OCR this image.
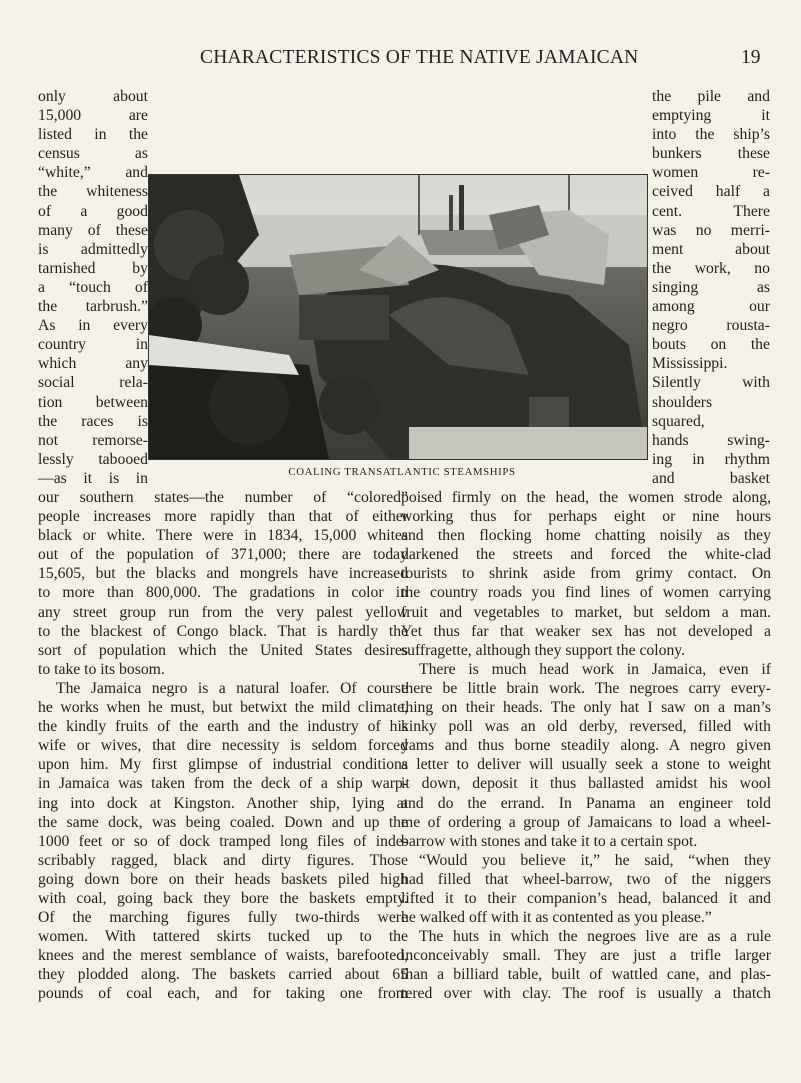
CHARACTERISTICS OF THE NATIVE JAMAICAN	19
only about
15,000 are
listed in the
census as
“white,” and
the whiteness
of a good
many of these
is admittedly
tarnished by
a “touch of
the tarbrush.”
As in every
country in
which any
social rela-
tion between
the races is
not remorse-
lessly tabooed
—as it is in
the pile and
emptying it
into the ship’s
bunkers these
women re-
ceived half a
cent. There
was no merri-
ment about
the work, no
singing as
among our
negro rousta-
bouts on the
Mississippi.
Silently with
shoulders
squared,
hands swing-
ing in rhythm
and basket
COALING TRANSATLANTIC STEAMSHIPS
our southern states—the number of “colored”
people increases more rapidly than that of either
black or white. There were in 1834, 15,000 whites
out of the population of 371,000; there are today
15,605, but the blacks and mongrels have increased
to more than 800,000. The gradations in color in
any street group run from the very palest yellow
to the blackest of Congo black. That is hardly the
sort of population which the United States desires
to take to its bosom.
The Jamaica negro is a natural loafer. Of course
he works when he must, but betwixt the mild climate,
the kindly fruits of the earth and the industry of his
wife or wives, that dire necessity is seldom forced
upon him. My first glimpse of industrial conditions
in Jamaica was taken from the deck of a ship warp-
ing into dock at Kingston. Another ship, lying at
the same dock, was being coaled. Down and up the
1000 feet or so of dock tramped long files of inde-
scribably ragged, black and dirty figures. Those
going down bore on their heads baskets piled high
with coal, going back they bore the baskets empty.
Of the marching figures fully two-thirds were
women. With tattered skirts tucked up to the
knees and the merest semblance of waists, barefooted,
they plodded along. The baskets carried about 65
pounds of coal each, and for taking one from
poised firmly on the head, the women strode along,
working thus for perhaps eight or nine hours
and then flocking home chatting noisily as they
darkened the streets and forced the white-clad
tourists to shrink aside from grimy contact. On
the country roads you find lines of women carrying
fruit and vegetables to market, but seldom a man.
Yet thus far that weaker sex has not developed a
suffragette, although they support the colony.
There is much head work in Jamaica, even if
there be little brain work. The negroes carry every-
thing on their heads. The only hat I saw on a man’s
kinky poll was an old derby, reversed, filled with
yams and thus borne steadily along. A negro given
a letter to deliver will usually seek a stone to weight
it down, deposit it thus ballasted amidst his wool
and do the errand. In Panama an engineer told
me of ordering a group of Jamaicans to load a wheel-
barrow with stones and take it to a certain spot.
“Would you believe it,” he said, “when they
had filled that wheel-barrow, two of the niggers
lifted it to their companion’s head, balanced it and
he walked off with it as contented as you please.”
The huts in which the negroes live are as a rule
inconceivably small. They are just a trifle larger
than a billiard table, built of wattled cane, and plas-
tered over with clay. The roof is usually a thatch
